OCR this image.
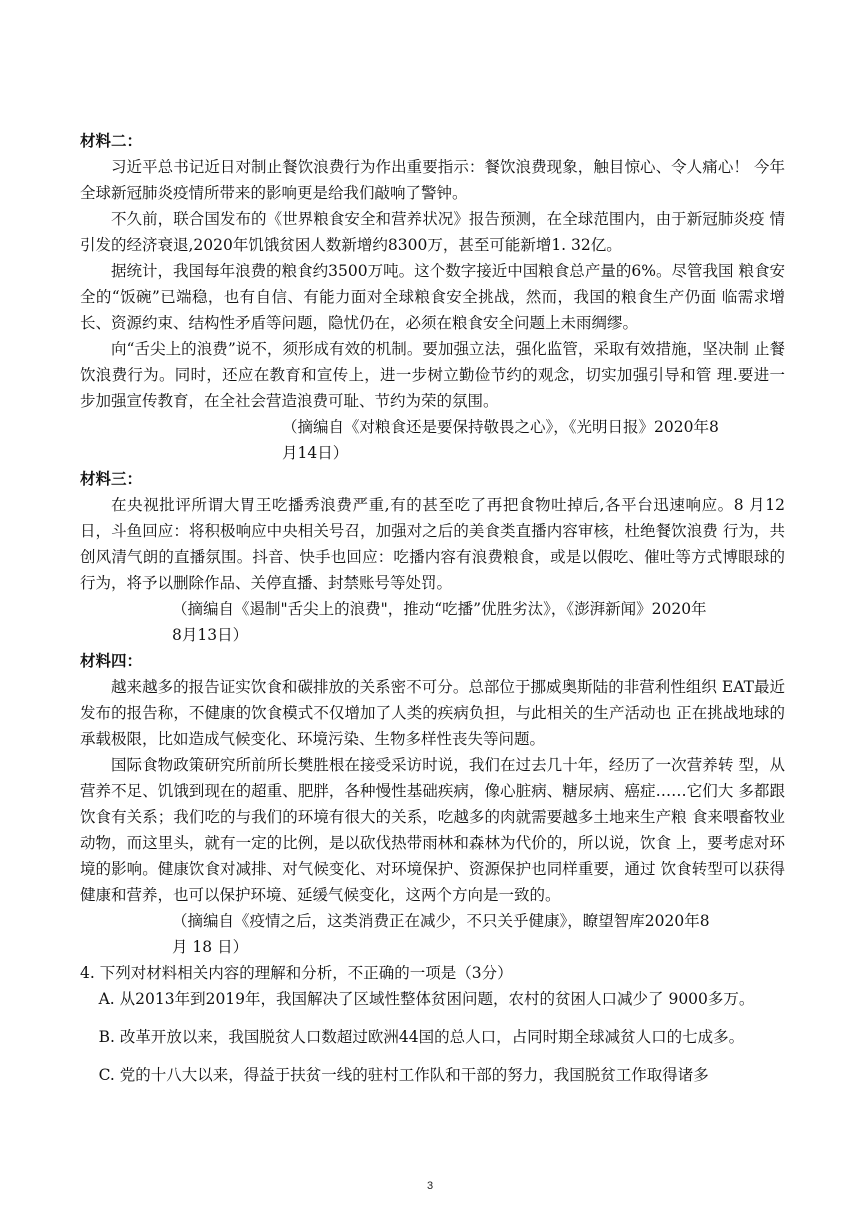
材料二：

习近平总书记近日对制止餐饮浪费行为作出重要指示：餐饮浪费现象，触目惊心、令人痛心！ 今年全球新冠肺炎疫情所带来的影响更是给我们敲响了警钟。

不久前，联合国发布的《世界粮食安全和营养状况》报告预测，在全球范围内，由于新冠肺炎疫 情引发的经济衰退,2020年饥饿贫困人数新增约8300万，甚至可能新增1. 32亿。

据统计，我国每年浪费的粮食约3500万吨。这个数字接近中国粮食总产量的6%。尽管我国 粮食安全的“饭碗”已端稳，也有自信、有能力面对全球粮食安全挑战，然而，我国的粮食生产仍面 临需求增长、资源约束、结构性矛盾等问题，隐忧仍在，必须在粮食安全问题上未雨绸缪。

向“舌尖上的浪费”说不，须形成有效的机制。要加强立法，强化监管，采取有效措施，坚决制 止餐饮浪费行为。同时，还应在教育和宣传上，进一步树立勤俭节约的观念，切实加强引导和管 理.要进一步加强宣传教育，在全社会营造浪费可耻、节约为荣的氛围。

（摘编自《对粮食还是要保持敬畏之心》，《光明日报》2020年8

月14日）

材料三：

在央视批评所谓大胃王吃播秀浪费严重,有的甚至吃了再把食物吐掉后,各平台迅速响应。8 月12日，斗鱼回应：将积极响应中央相关号召，加强对之后的美食类直播内容审核，杜绝餐饮浪费 行为，共创风清气朗的直播氛围。抖音、快手也回应：吃播内容有浪费粮食，或是以假吃、催吐等方式博眼球的行为，将予以删除作品、关停直播、封禁账号等处罚。

（摘编自《遏制"舌尖上的浪费"，推动“吃播”优胜劣汰》，《澎湃新闻》2020年

8月13日）

材料四：

越来越多的报告证实饮食和碳排放的关系密不可分。总部位于挪威奥斯陆的非营利性组织 EAT最近发布的报告称，不健康的饮食模式不仅增加了人类的疾病负担，与此相关的生产活动也 正在挑战地球的承载极限，比如造成气候变化、环境污染、生物多样性丧失等问题。

国际食物政策研究所前所长樊胜根在接受采访时说，我们在过去几十年，经历了一次营养转 型，从营养不足、饥饿到现在的超重、肥胖，各种慢性基础疾病，像心脏病、糖尿病、癌症……它们大 多都跟饮食有关系；我们吃的与我们的环境有很大的关系，吃越多的肉就需要越多土地来生产粮 食来喂畜牧业动物，而这里头，就有一定的比例，是以砍伐热带雨林和森林为代价的，所以说，饮食 上，要考虑对环境的影响。健康饮食对减排、对气候变化、对环境保护、资源保护也同样重要，通过 饮食转型可以获得健康和营养，也可以保护环境、延缓气候变化，这两个方向是一致的。

（摘编自《疫情之后，这类消费正在减少，不只关乎健康》，瞭望智库2020年8

月 18 日）

4. 下列对材料相关内容的理解和分析，不正确的一项是（3分）

A. 从2013年到2019年，我国解决了区域性整体贫困问题，农村的贫困人口减少了 9000多万。

B. 改革开放以来，我国脱贫人口数超过欧洲44国的总人口，占同时期全球减贫人口的七成多。

C. 党的十八大以来，得益于扶贫一线的驻村工作队和干部的努力，我国脱贫工作取得诸多

3
